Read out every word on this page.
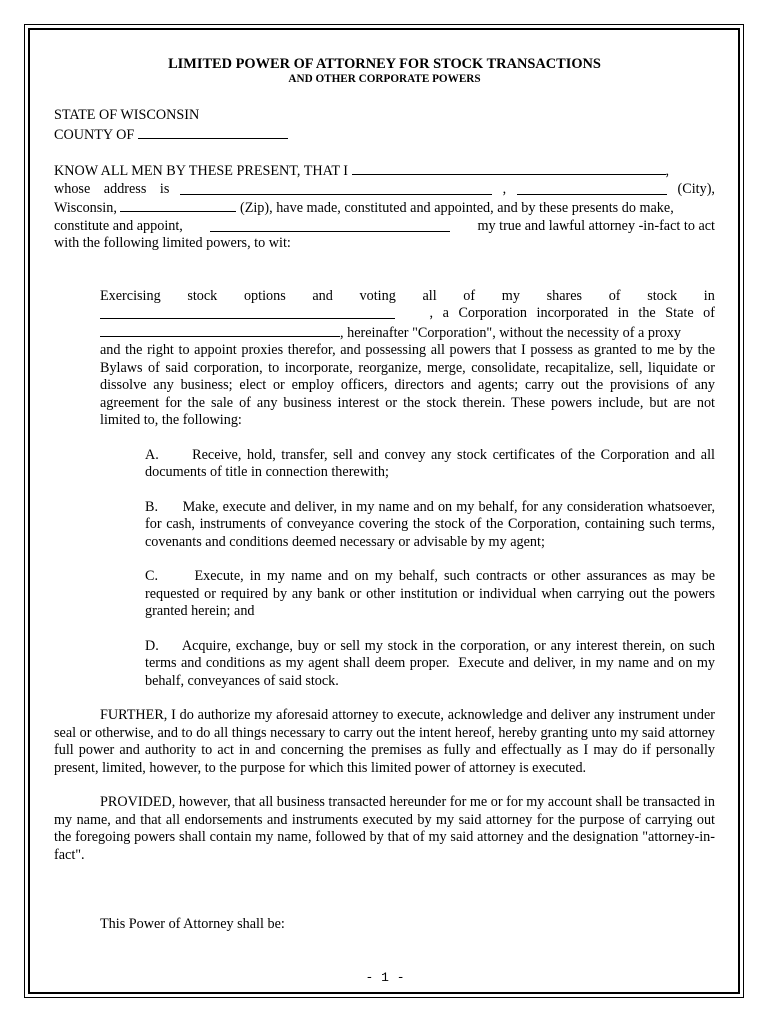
LIMITED POWER OF ATTORNEY FOR STOCK TRANSACTIONS
AND OTHER CORPORATE POWERS

STATE OF WISCONSIN

COUNTY OF

KNOW ALL MEN BY THESE PRESENT, THAT I	,

whose address is	,	(City),

Wisconsin,	(Zip), have made, constituted and appointed, and by these presents do make,

constitute and appoint,	my true and lawful attorney -in-fact to act

with the following limited powers, to wit:

Exercising stock options and voting all of my shares of stock in

, a Corporation incorporated in the State of

, hereinafter "Corporation", without the necessity of a proxy

and the right to appoint proxies therefor, and possessing all powers that I possess as granted to me by the Bylaws of said corporation, to incorporate, reorganize, merge, consolidate, recapitalize, sell, liquidate or dissolve any business; elect or employ officers, directors and agents; carry out the provisions of any agreement for the sale of any business interest or the stock therein. These powers include, but are not limited to, the following:

A.      Receive, hold, transfer, sell and convey any stock certificates of the Corporation and all documents of title in connection therewith;

B.      Make, execute and deliver, in my name and on my behalf, for any consideration whatsoever, for cash, instruments of conveyance covering the stock of the Corporation, containing such terms, covenants and conditions deemed necessary or advisable by my agent;

C.      Execute, in my name and on my behalf, such contracts or other assurances as may be requested or required by any bank or other institution or individual when carrying out the powers granted herein; and

D.     Acquire, exchange, buy or sell my stock in the corporation, or any interest therein, on such terms and conditions as my agent shall deem proper.  Execute and deliver, in my name and on my behalf, conveyances of said stock.

FURTHER, I do authorize my aforesaid attorney to execute, acknowledge and deliver any instrument under seal or otherwise, and to do all things necessary to carry out the intent hereof, hereby granting unto my said attorney full power and authority to act in and concerning the premises as fully and effectually as I may do if personally present, limited, however, to the purpose for which this limited power of attorney is executed.

PROVIDED, however, that all business transacted hereunder for me or for my account shall be transacted in my name, and that all endorsements and instruments executed by my said attorney for the purpose of carrying out the foregoing powers shall contain my name, followed by that of my said attorney and the designation "attorney-in-fact".

This Power of Attorney shall be:

- 1 -
